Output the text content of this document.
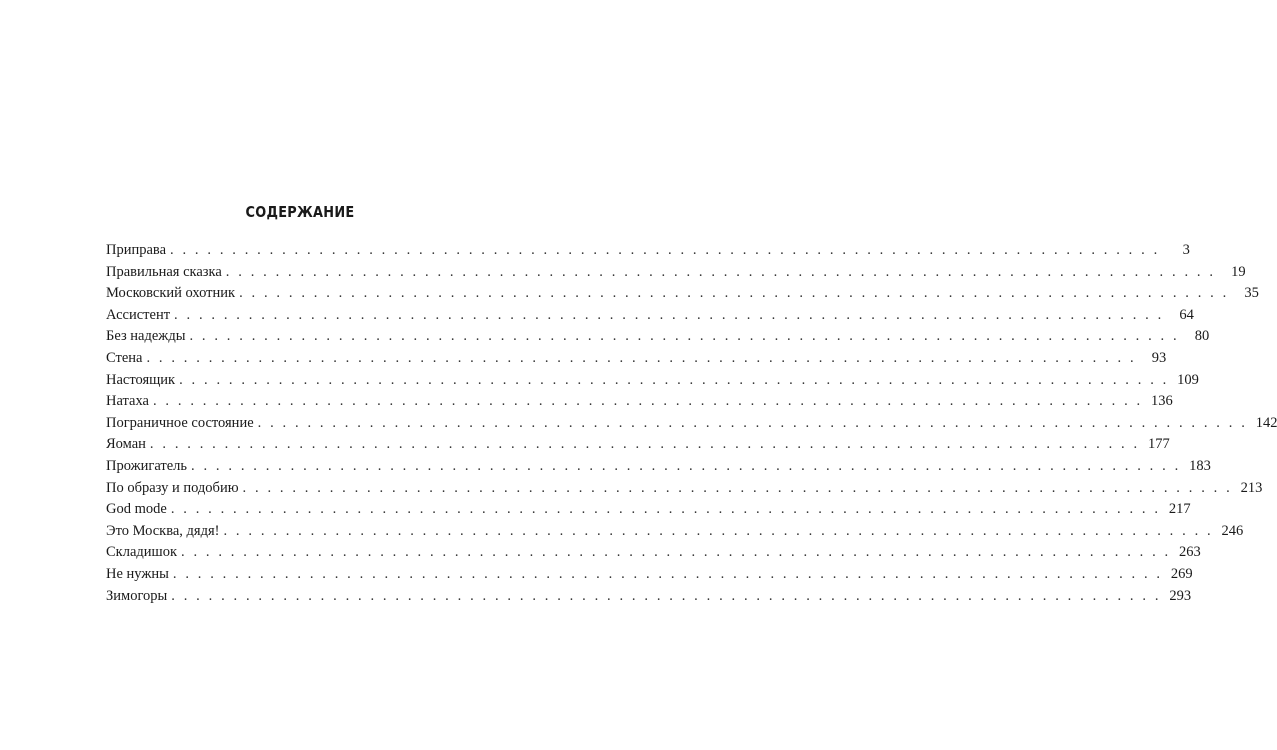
СОДЕРЖАНИЕ
Приправа . . . . . . . . . . . . . . . . . . . . . . . . . . . . . . . . . . . . . . . . . . . . . . . . . . . . . . . . . . . . . . . . . . . . . . . . . . . . . . . .	3
Правильная сказка . . . . . . . . . . . . . . . . . . . . . . . . . . . . . . . . . . . . . . . . . . . . . . . . . . . . . . . . . . . . . . . . . . . . . . . . . . . . . . . .	19
Московский охотник . . . . . . . . . . . . . . . . . . . . . . . . . . . . . . . . . . . . . . . . . . . . . . . . . . . . . . . . . . . . . . . . . . . . . . . . . . . . . . . .	35
Ассистент . . . . . . . . . . . . . . . . . . . . . . . . . . . . . . . . . . . . . . . . . . . . . . . . . . . . . . . . . . . . . . . . . . . . . . . . . . . . . . . .	64
Без надежды . . . . . . . . . . . . . . . . . . . . . . . . . . . . . . . . . . . . . . . . . . . . . . . . . . . . . . . . . . . . . . . . . . . . . . . . . . . . . . . .	80
Стена . . . . . . . . . . . . . . . . . . . . . . . . . . . . . . . . . . . . . . . . . . . . . . . . . . . . . . . . . . . . . . . . . . . . . . . . . . . . . . . .	93
Настоящик . . . . . . . . . . . . . . . . . . . . . . . . . . . . . . . . . . . . . . . . . . . . . . . . . . . . . . . . . . . . . . . . . . . . . . . . . . . . . . . . 109
Натаха . . . . . . . . . . . . . . . . . . . . . . . . . . . . . . . . . . . . . . . . . . . . . . . . . . . . . . . . . . . . . . . . . . . . . . . . . . . . . . . . 136
Пограничное состояние . . . . . . . . . . . . . . . . . . . . . . . . . . . . . . . . . . . . . . . . . . . . . . . . . . . . . . . . . . . . . . . . . . . . . . . . . . . . . . . . 142
Яоман . . . . . . . . . . . . . . . . . . . . . . . . . . . . . . . . . . . . . . . . . . . . . . . . . . . . . . . . . . . . . . . . . . . . . . . . . . . . . . . . 177
Прожигатель . . . . . . . . . . . . . . . . . . . . . . . . . . . . . . . . . . . . . . . . . . . . . . . . . . . . . . . . . . . . . . . . . . . . . . . . . . . . . . . . 183
По образу и подобию . . . . . . . . . . . . . . . . . . . . . . . . . . . . . . . . . . . . . . . . . . . . . . . . . . . . . . . . . . . . . . . . . . . . . . . . . . . . . . . . 213
God mode . . . . . . . . . . . . . . . . . . . . . . . . . . . . . . . . . . . . . . . . . . . . . . . . . . . . . . . . . . . . . . . . . . . . . . . . . . . . . . . . 217
Это Москва, дядя! . . . . . . . . . . . . . . . . . . . . . . . . . . . . . . . . . . . . . . . . . . . . . . . . . . . . . . . . . . . . . . . . . . . . . . . . . . . . . . . . 246
Складишок . . . . . . . . . . . . . . . . . . . . . . . . . . . . . . . . . . . . . . . . . . . . . . . . . . . . . . . . . . . . . . . . . . . . . . . . . . . . . . . . 263
Не нужны . . . . . . . . . . . . . . . . . . . . . . . . . . . . . . . . . . . . . . . . . . . . . . . . . . . . . . . . . . . . . . . . . . . . . . . . . . . . . . . . 269
Зимогоры . . . . . . . . . . . . . . . . . . . . . . . . . . . . . . . . . . . . . . . . . . . . . . . . . . . . . . . . . . . . . . . . . . . . . . . . . . . . . . . . 293
